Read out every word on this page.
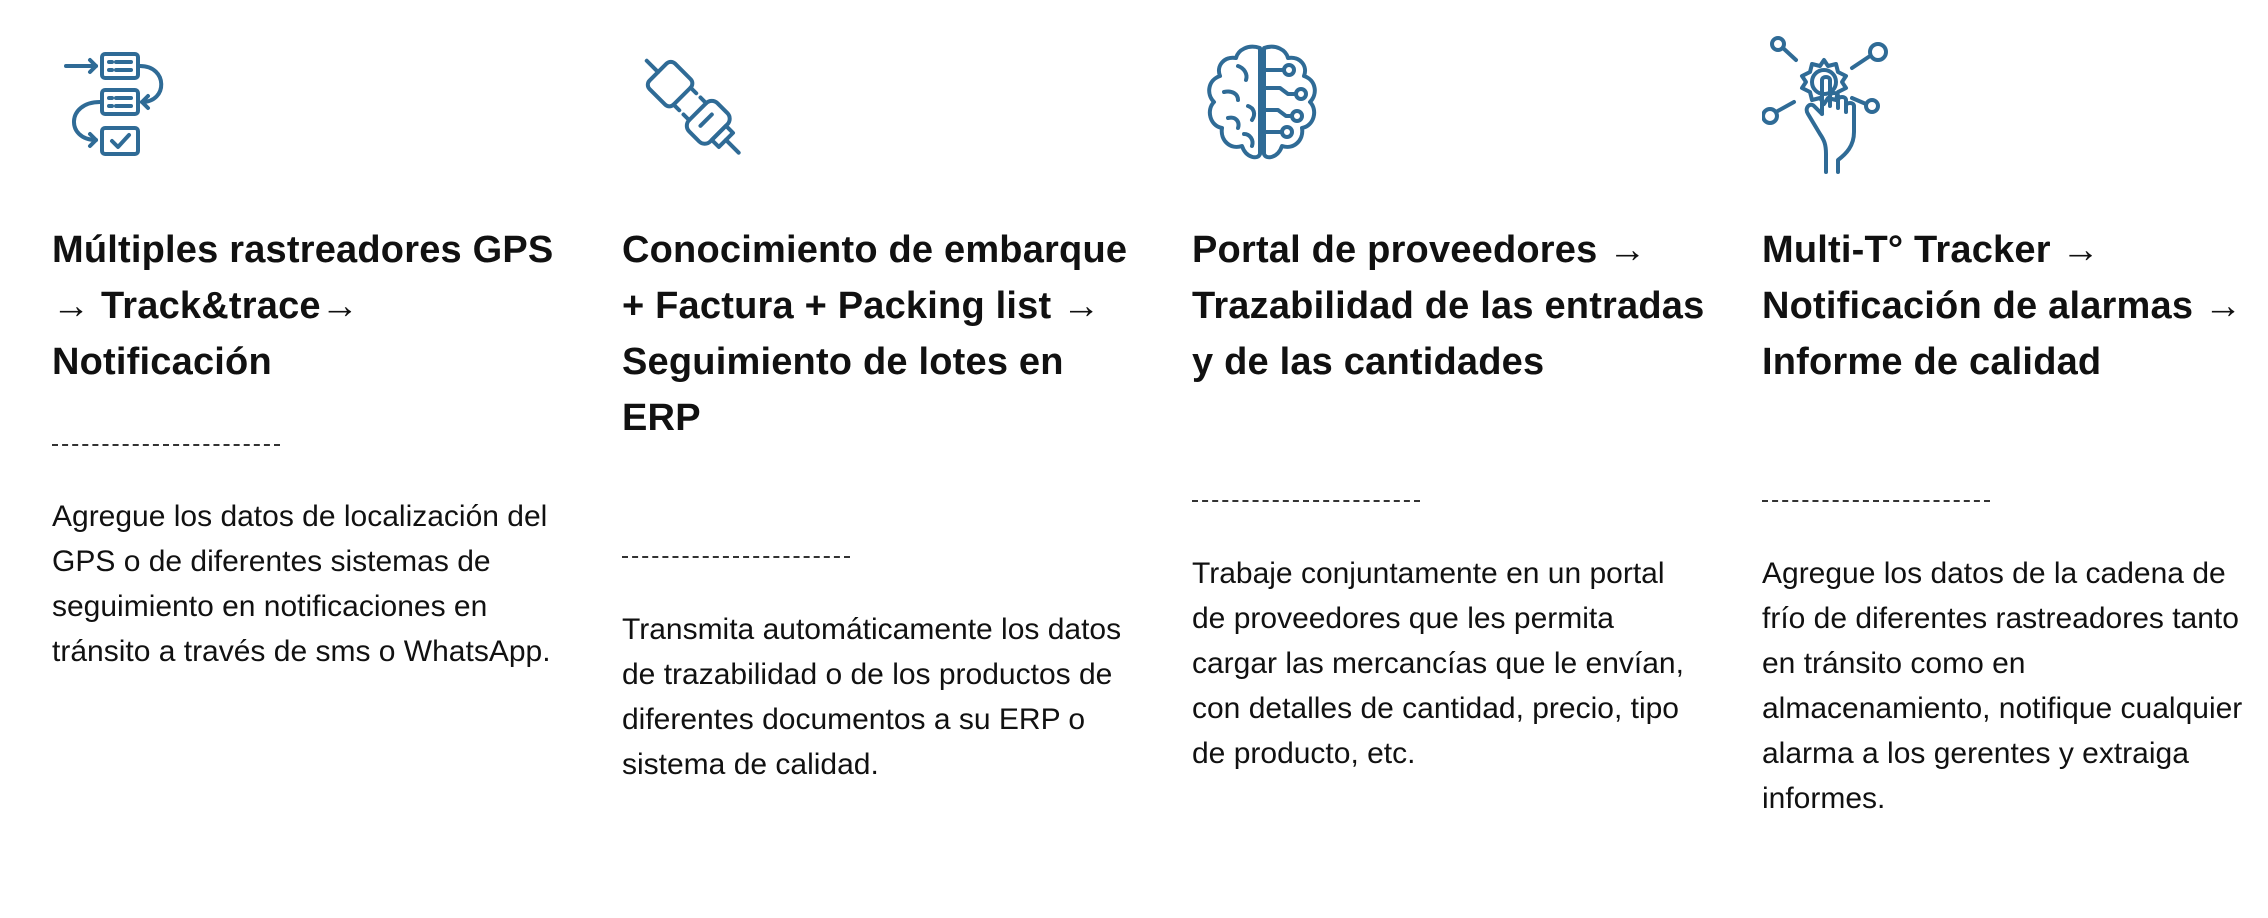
Múltiples rastreadores GPS → Track&trace→ Notificación

Agregue los datos de localización del GPS o de diferentes sistemas de seguimiento en notificaciones en tránsito a través de sms o WhatsApp.

Conocimiento de embarque + Factura + Packing list → Seguimiento de lotes en ERP

Transmita automáticamente los datos de trazabilidad o de los productos de diferentes documentos a su ERP o sistema de calidad.

Portal de proveedores → Trazabilidad de las entradas y de las cantidades

Trabaje conjuntamente en un portal de proveedores que les permita cargar las mercancías que le envían, con detalles de cantidad, precio, tipo de producto, etc.

Multi-T° Tracker → Notificación de alarmas → Informe de calidad

Agregue los datos de la cadena de frío de diferentes rastreadores tanto en tránsito como en almacenamiento, notifique cualquier alarma a los gerentes y extraiga informes.
